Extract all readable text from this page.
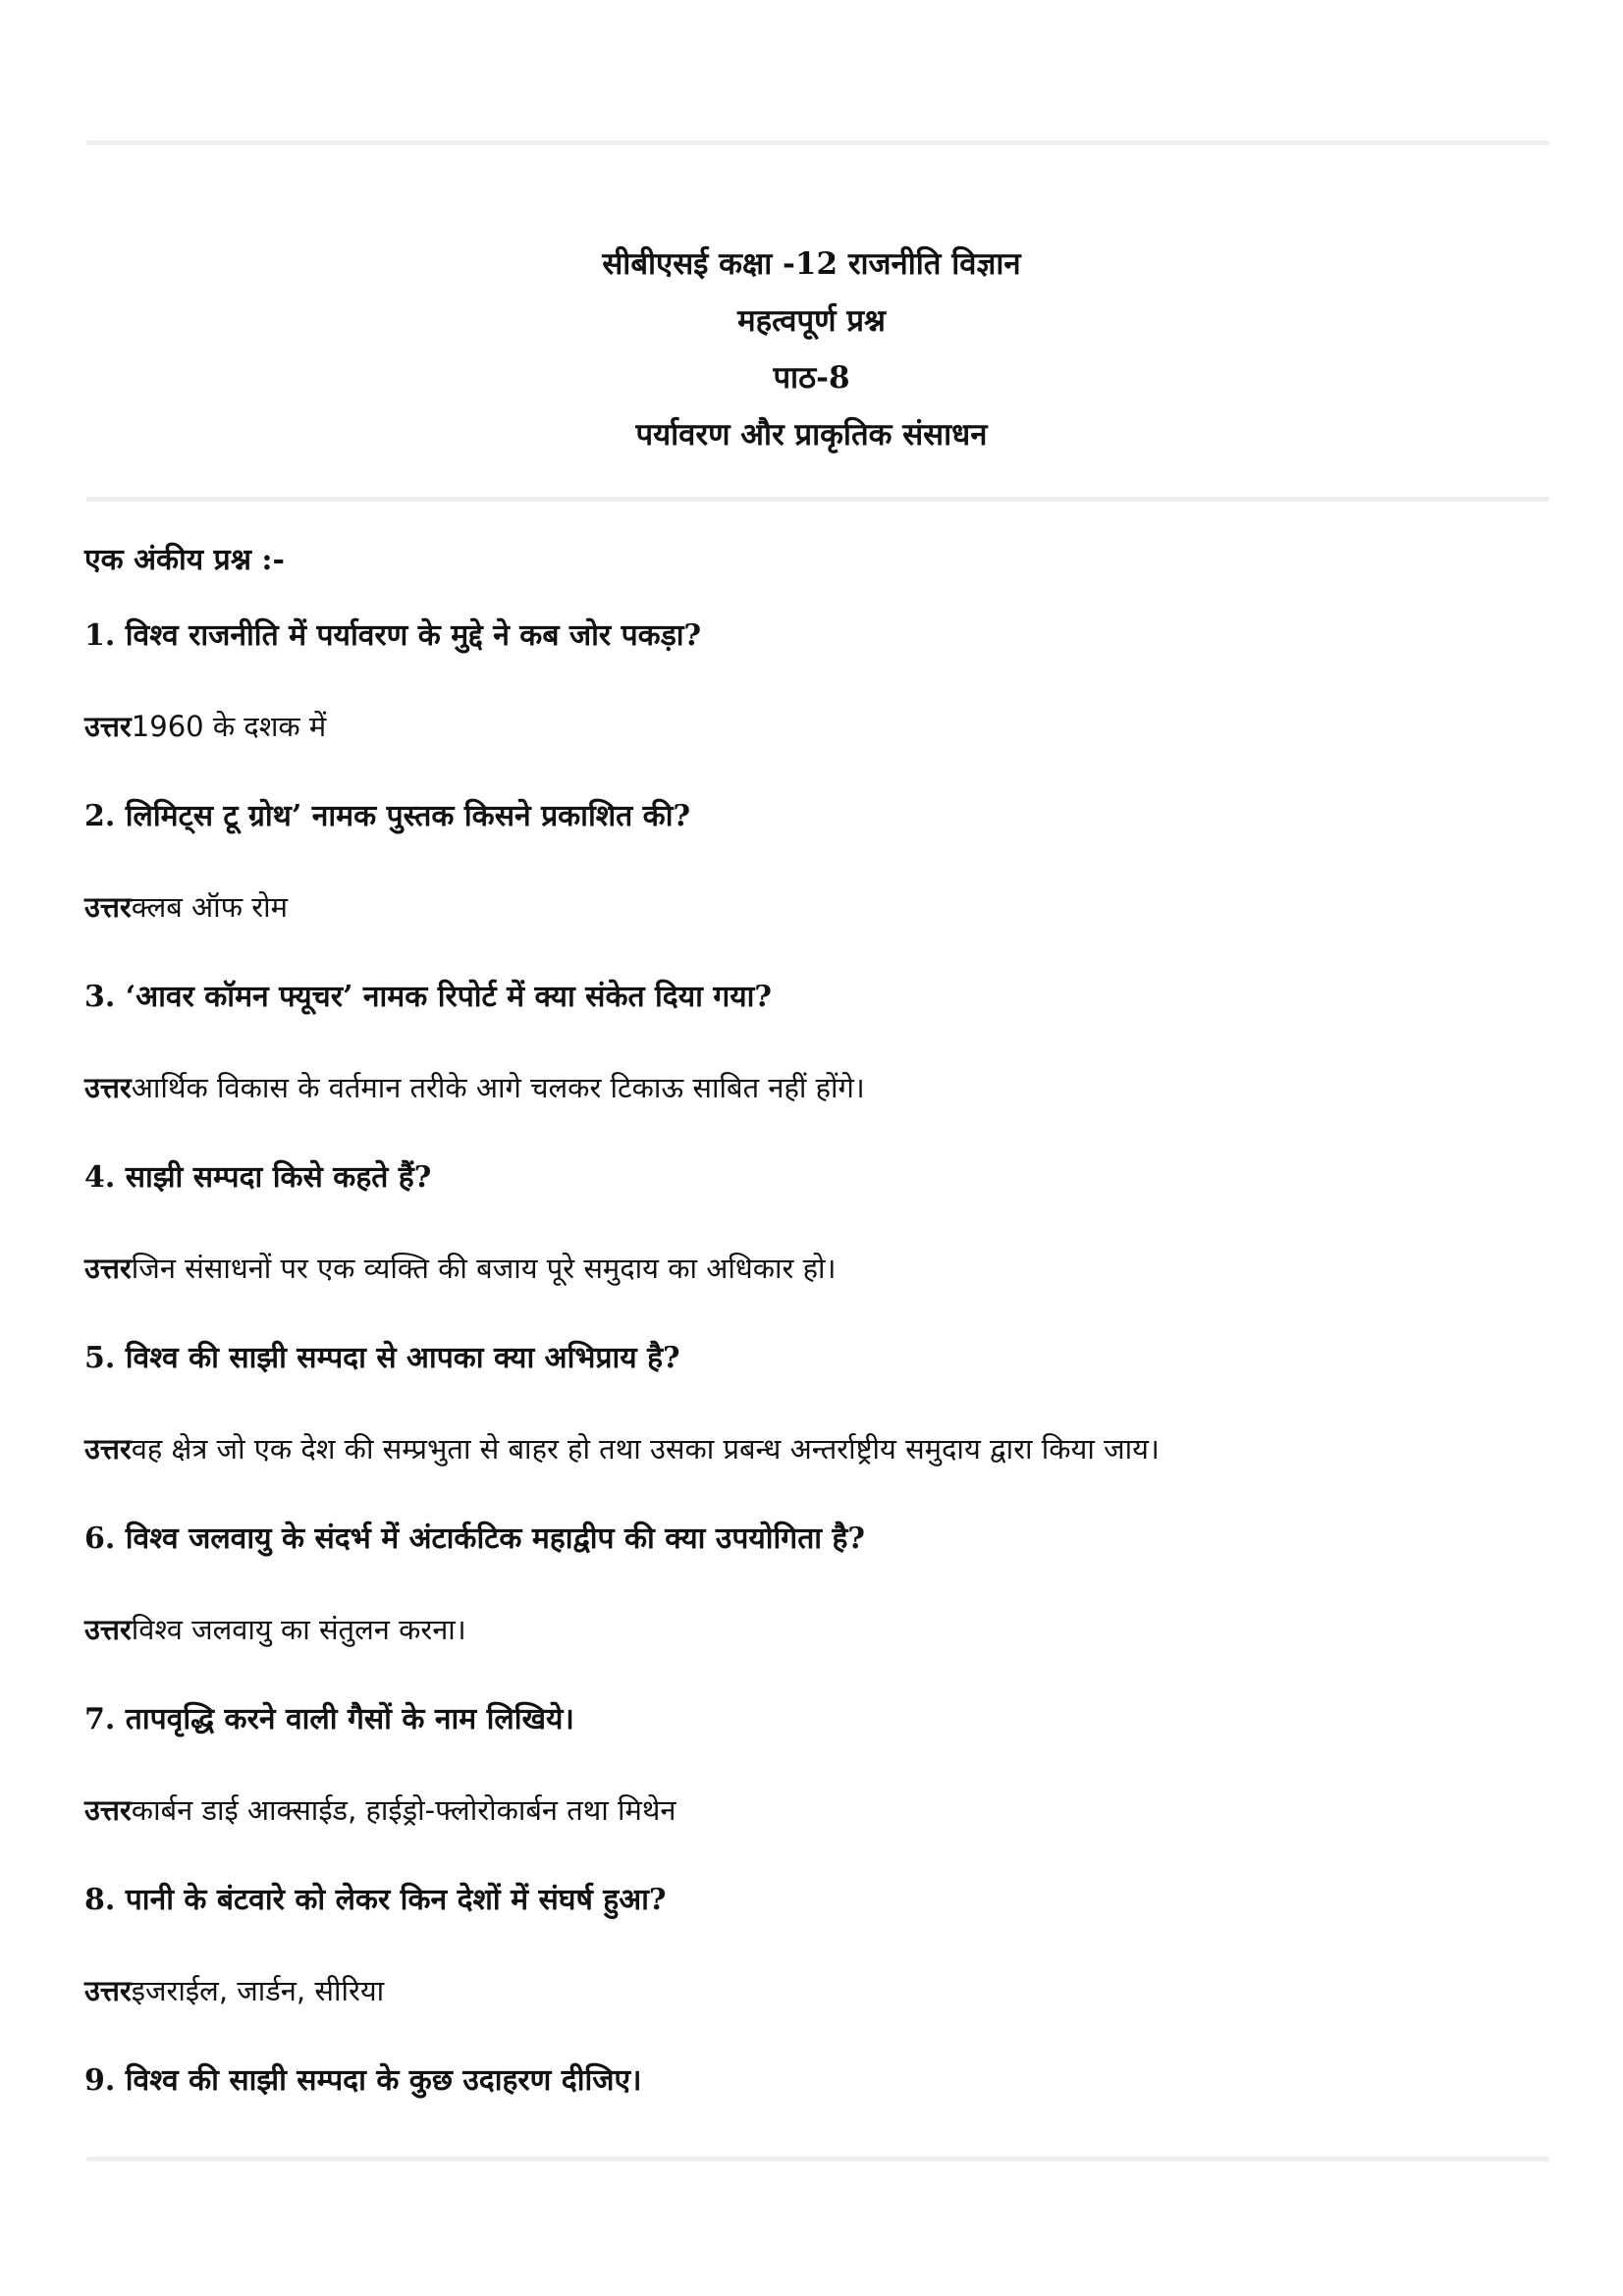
सीबीएसई कक्षा -12 राजनीति विज्ञान
महत्वपूर्ण प्रश्न
पाठ-8
पर्यावरण और प्राकृतिक संसाधन
एक अंकीय प्रश्न :-
1. विश्व राजनीति में पर्यावरण के मुद्दे ने कब जोर पकड़ा?
उत्तर1960 के दशक में
2. लिमिट्स टू ग्रोथ’ नामक पुस्तक किसने प्रकाशित की?
उत्तरक्लब ऑफ रोम
3. ‘आवर कॉमन फ्यूचर’ नामक रिपोर्ट में क्या संकेत दिया गया?
उत्तरआर्थिक विकास के वर्तमान तरीके आगे चलकर टिकाऊ साबित नहीं होंगे।
4. साझी सम्पदा किसे कहते हैं?
उत्तरजिन संसाधनों पर एक व्यक्ति की बजाय पूरे समुदाय का अधिकार हो।
5. विश्व की साझी सम्पदा से आपका क्या अभिप्राय है?
उत्तरवह क्षेत्र जो एक देश की सम्प्रभुता से बाहर हो तथा उसका प्रबन्ध अन्तर्राष्ट्रीय समुदाय द्वारा किया जाय।
6. विश्व जलवायु के संदर्भ में अंटार्कटिक महाद्वीप की क्या उपयोगिता है?
उत्तरविश्व जलवायु का संतुलन करना।
7. तापवृद्धि करने वाली गैसों के नाम लिखिये।
उत्तरकार्बन डाई आक्साईड, हाईड्रो-फ्लोरोकार्बन तथा मिथेन
8. पानी के बंटवारे को लेकर किन देशों में संघर्ष हुआ?
उत्तरइजराईल, जार्डन, सीरिया
9. विश्व की साझी सम्पदा के कुछ उदाहरण दीजिए।
